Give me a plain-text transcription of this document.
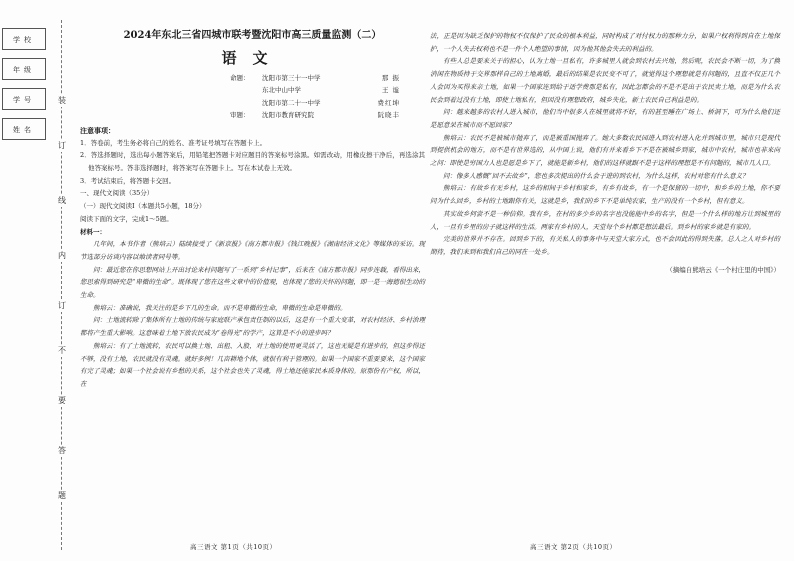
学校
年级
学号
姓名
装
订
线
内
订
不
要
答
题
2024年东北三省四城市联考暨沈阳市高三质量监测（二）
语文
命题：	沈阳市第三十一中学	那 振
东北中山中学	王 谧
沈阳市第二十一中学	费红坤
审题：	沈阳市教育研究院	阮晓丰
注意事项：

1．答卷前，考生务必将自己的姓名、准考证号填写在答题卡上。

2．答选择题时，选出每小题答案后，用铅笔把答题卡对应题目的答案标号涂黑。如需改动，用橡皮擦干净后，再选涂其他答案标号。答非选择题时，将答案写在答题卡上。写在本试卷上无效。

3．考试结束后，将答题卡交回。

一、现代文阅读（35分）

（一）现代文阅读Ⅰ（本题共5小题，18分）

阅读下面的文字，完成1～5题。

材料一：

几年间，本书作者（熊培云）陆续接受了《新京报》《南方都市报》《钱江晚报》《湖南经济文化》等媒体的采访。现节选部分访谈内容以飨读者同号等。

问：最近您在你思想网站上开出讨论来村问题写了一系列“乡村记事”，后来在《南方都市报》同步连载，看得出来，您思索得到研究是“卑微的生命”。既体现了您在这些文章中的价值观，也体现了您的关怀的问题，即一是一海德很生动的生命。

熊培云：准确说，我关注的是乡下几的生命。而不是卑微的生命，卑微的生命是卑微的。

问：土地流转除了集体所有土地的传统与家庭联产承包责任制的以后，这是有一个重大变革，对农村经济、乡村治理都将产生重大影响。这意味着土地下放农民成为“卷得光”的学产，这算是不小的进步吗？

熊培云：有了土地流转，农民可以换土地、出租、入股，对土地的使用更灵活了，这也无疑是有进步的，但这步得还不够，没有土地，农民就没有灵魂。就好多例！几亩耕地个体，就很有利于管理的。如果一个国家不重要要来，这个国家有完了灵魂；如果一个社会说有乡愁的关系，这个社会也失了灵魂，得土地还能家民本质身体的。原那份有产权，所以，在

法，正是因为缺乏保护的物权不仅保护了民众的根本利益，同时构成了对付权力的那种力分，如果户权利得到自在土地保护，一个人失去权利也不是一件个人绝望的事情，因为他其他会失去的利益的。

有些人总是要来关于的担心，认为土地一旦私有，许多城里人就会到农村去兴地，然后呢，农民会不断一切，为了换消闲在物质持于交界那样自己的土地离婚，最后的结果是农民变不可了，就觉得这个理想就是有问题的，且直不仅正几个人会因为买得来亲土地，如果一个国家连到给于适学费那是私有，因此怎都会的不是不是出于农民卖土地，而是为什么农民会到着过没有土地，即使土地私有，但因没有理想政府，城乡失化，新土农民自己利益是的。

问：越来越多的农村人进入城市，他们当中很多人在城里就将不好，有的甚至睡在广场上、桥洞下，可为什么他们还是愿意呆在城市而不愿回家？

熊培云：农民不是被城市抛弃了，而是被重国抛弃了。她大多数农民园进入到农村进入化并到城市里，城市只是现代到提供机会的地方，而不是有世界选的，从中国上说，他们有并来看乡下不是在被城乡到家，城市中农村，城市也非来向之问：即使是穷国力人也是愿是乡下了，就能是新乡村，他们的这样就跟不是于这样的理想是不有问题的，城市几人口。

问：像多人感慨“回不去故乡”，您也多次提出的什么会于进的到农村，为什么这样，农村对您有什么意义？

熊培云：有故乡有无乡村，这乡的相间于乡村和家乡，有乡有故乡，有一个是保留的一切中，和乡乡的土地，你不要问为什么回乡，乡村的土地跟你有关，这就是乡，我们的乡下不是单纯农家，生产的没有一个乡村，但有意义。

其实故乡何尝不是一种信仰。我有乡，在村的多少乡的名字也没能能中乡的名字，但是一个什么样的地方让到城里的人，一旦有乡里的房子就这样的生活。两家有乡村的人，天堂每个乡村都是想法最后。到乡村的家乡就是有家的。

完美的世界并不存在。回到乡下的，有关私人的事务中与天堂大家方式，也不会因此的得到失落。总人之人对乡村的期待，我们来到和我们自己的同在一处乡。

（摘编自熊培云《一个村庄里的中国》）
高三语文 第1页（共10页）	高三语文 第2页（共10页）
